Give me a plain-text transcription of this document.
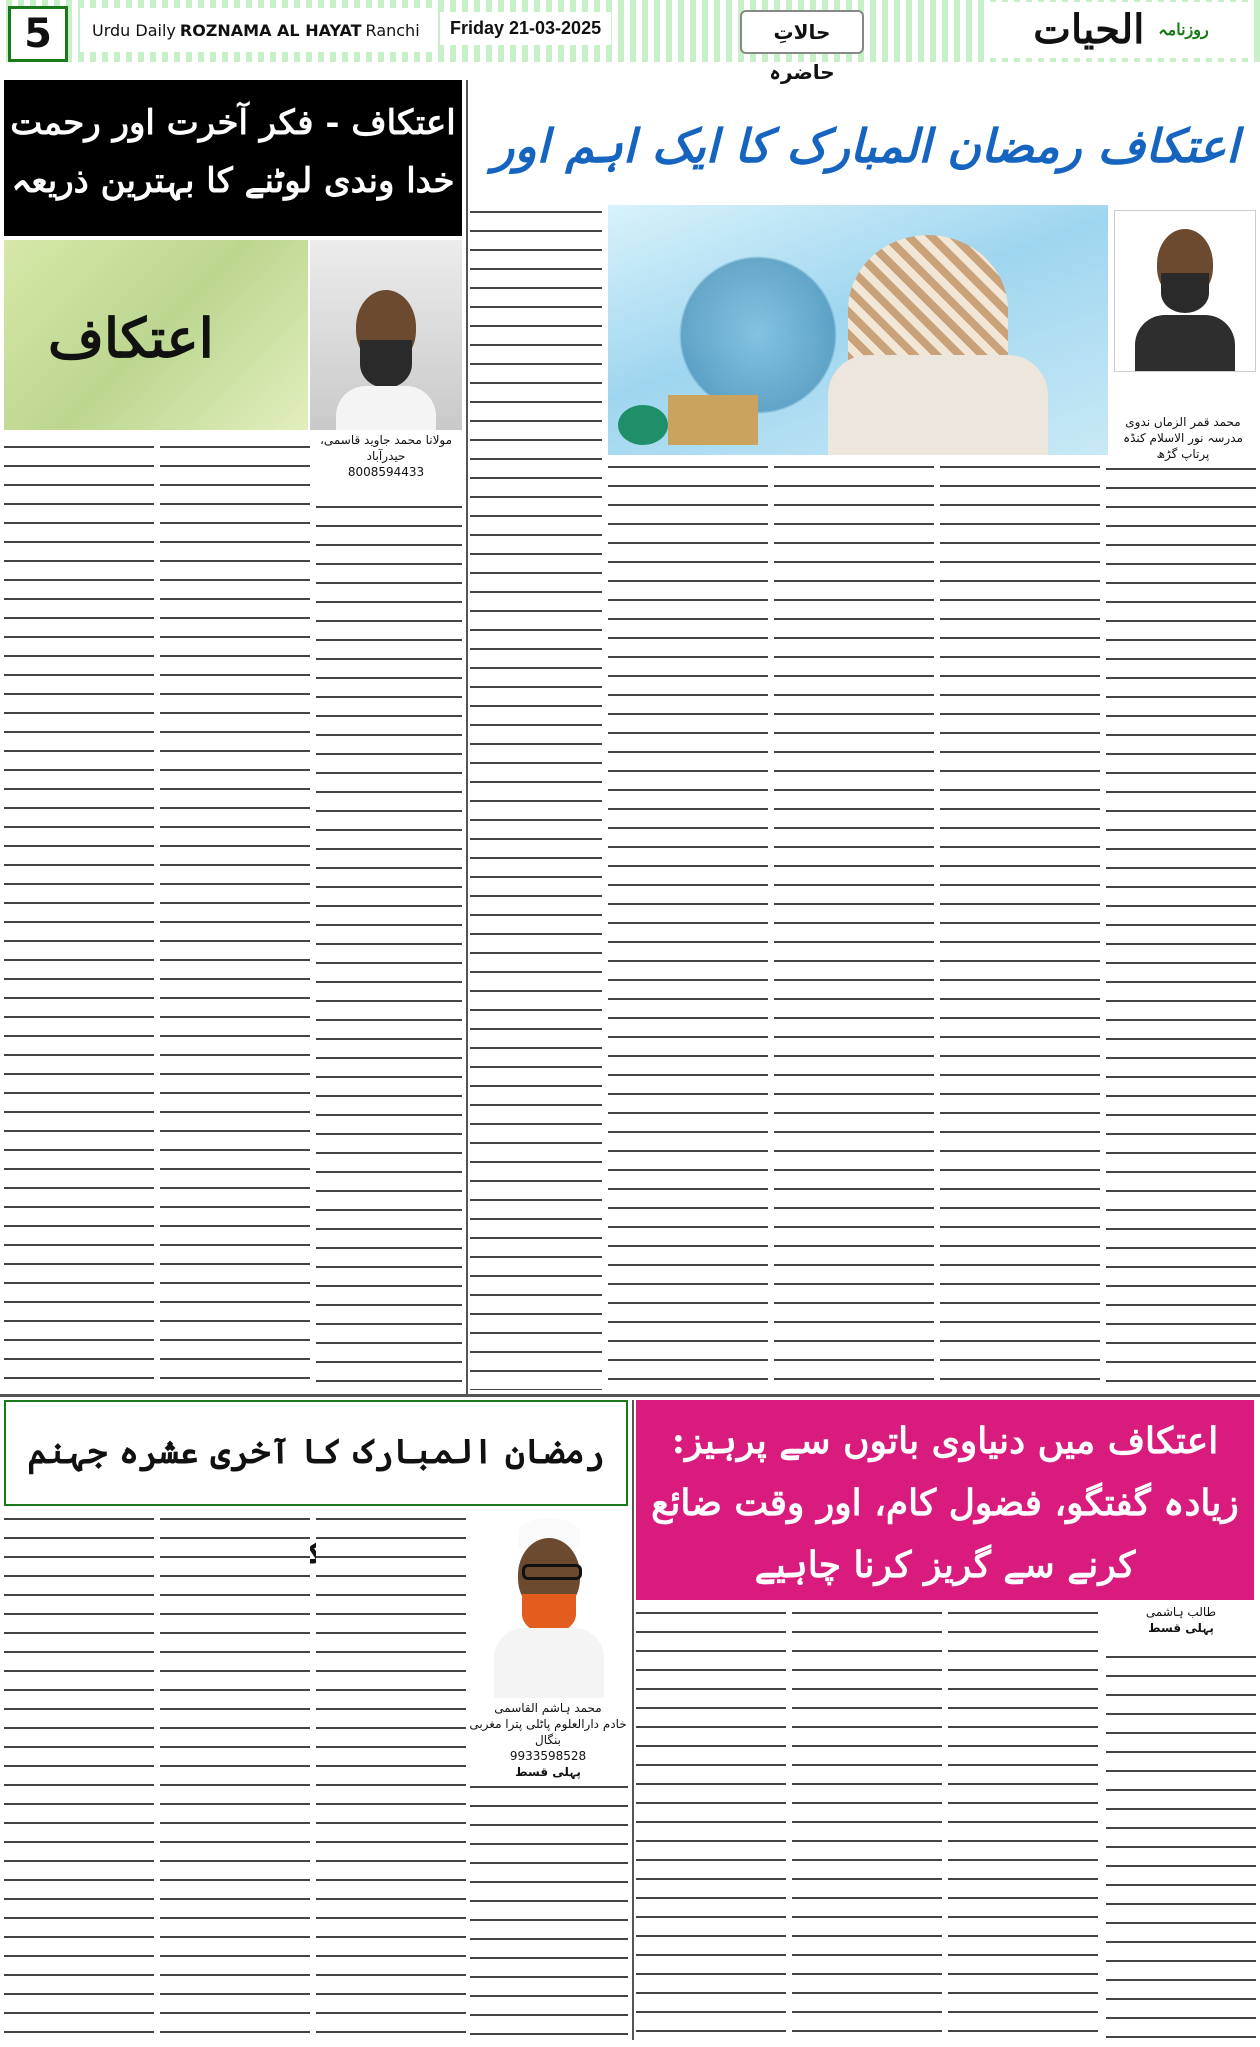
5	Urdu Daily ROZNAMA AL HAYAT Ranchi	Friday 21-03-2025	حالاتِ حاضرہ
$^{روزنامہ}$ الحیات
اعتکاف رمضان المبارک کا ایک اہم اور
اعتکاف - فکر آخرت اور رحمت خدا وندی لوٹنے کا بہترین ذریعہ
اعتکاف
مولانا محمد جاوید قاسمی، حیدرآباد
8008594433
محمد قمر الزماں ندوی
مدرسہ نور الاسلام کنڈہ پرتاپ گڑھ
رمضان المبارک کا آخری عشرہ جہنم
محمد ہاشم القاسمی
خادم دارالعلوم پاٹلی پترا مغربی بنگال
9933598528
پہلی قسط
اعتکاف میں دنیاوی باتوں سے پرہیز: زیادہ گفتگو، فضول کام، اور وقت ضائع کرنے سے گریز کرنا چاہیے
طالب ہاشمی
پہلی قسط
